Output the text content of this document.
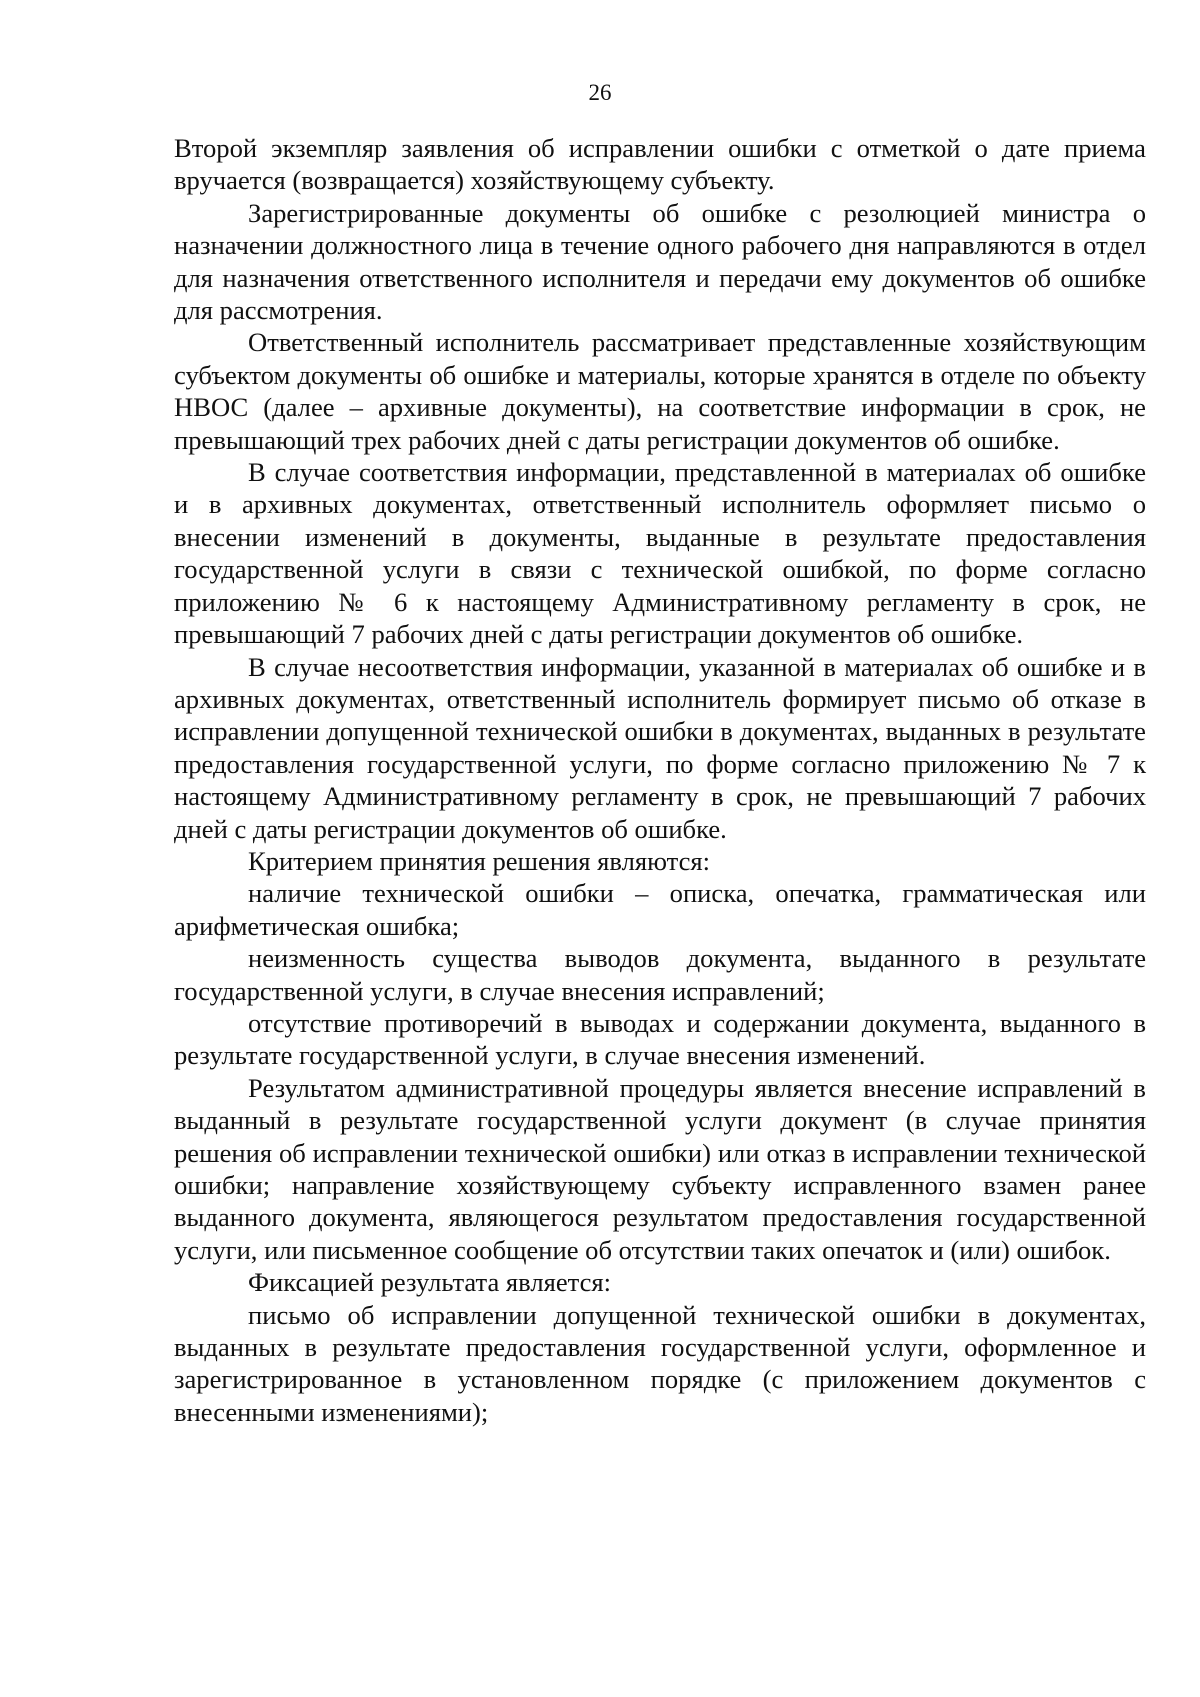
26

Второй экземпляр заявления об исправлении ошибки с отметкой о дате приема вручается (возвращается) хозяйствующему субъекту.

Зарегистрированные документы об ошибке с резолюцией министра о назначении должностного лица в течение одного рабочего дня направляются в отдел для назначения ответственного исполнителя и передачи ему документов об ошибке для рассмотрения.

Ответственный исполнитель рассматривает представленные хозяйствующим субъектом документы об ошибке и материалы, которые хранятся в отделе по объекту НВОС (далее – архивные документы), на соответствие информации в срок, не превышающий трех рабочих дней с даты регистрации документов об ошибке.

В случае соответствия информации, представленной в материалах об ошибке и в архивных документах, ответственный исполнитель оформляет письмо о внесении изменений в документы, выданные в результате предоставления государственной услуги в связи с технической ошибкой, по форме согласно приложению № 6 к настоящему Административному регламенту в срок, не превышающий 7 рабочих дней с даты регистрации документов об ошибке.

В случае несоответствия информации, указанной в материалах об ошибке и в архивных документах, ответственный исполнитель формирует письмо об отказе в исправлении допущенной технической ошибки в документах, выданных в результате предоставления государственной услуги, по форме согласно приложению № 7 к настоящему Административному регламенту в срок, не превышающий 7 рабочих дней с даты регистрации документов об ошибке.

Критерием принятия решения являются:

наличие технической ошибки – описка, опечатка, грамматическая или арифметическая ошибка;

неизменность существа выводов документа, выданного в результате государственной услуги, в случае внесения исправлений;

отсутствие противоречий в выводах и содержании документа, выданного в результате государственной услуги, в случае внесения изменений.

Результатом административной процедуры является внесение исправлений в выданный в результате государственной услуги документ (в случае принятия решения об исправлении технической ошибки) или отказ в исправлении технической ошибки; направление хозяйствующему субъекту исправленного взамен ранее выданного документа, являющегося результатом предоставления государственной услуги, или письменное сообщение об отсутствии таких опечаток и (или) ошибок.

Фиксацией результата является:

письмо об исправлении допущенной технической ошибки в документах, выданных в результате предоставления государственной услуги, оформленное и зарегистрированное в установленном порядке (с приложением документов с внесенными изменениями);
